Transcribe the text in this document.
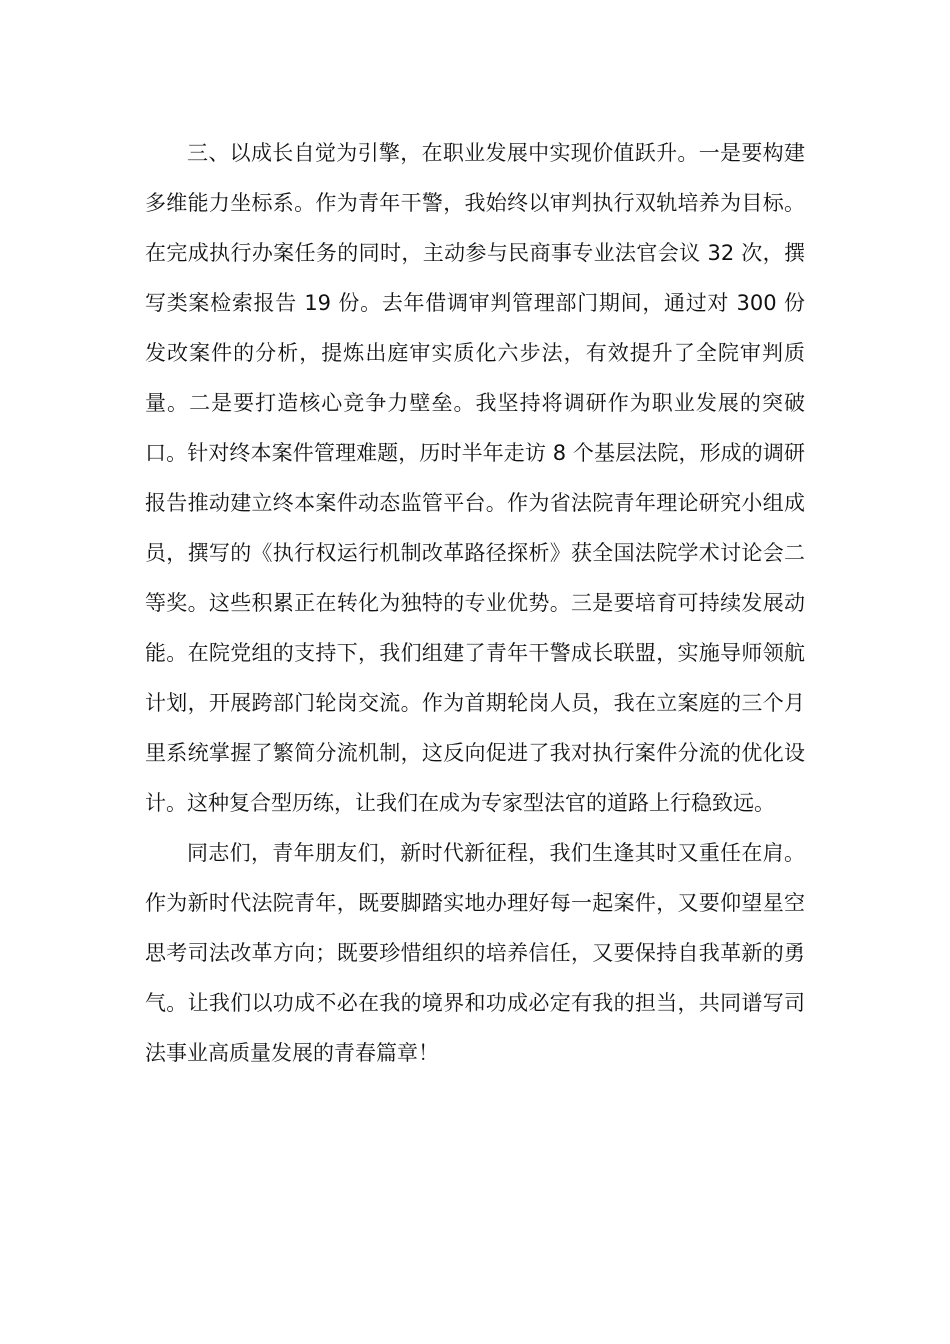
三、以成长自觉为引擎，在职业发展中实现价值跃升。一是要构建多维能力坐标系。作为青年干警，我始终以审判执行双轨培养为目标。在完成执行办案任务的同时，主动参与民商事专业法官会议 32 次，撰写类案检索报告 19 份。去年借调审判管理部门期间，通过对 300 份发改案件的分析，提炼出庭审实质化六步法，有效提升了全院审判质量。二是要打造核心竞争力壁垒。我坚持将调研作为职业发展的突破口。针对终本案件管理难题，历时半年走访 8 个基层法院，形成的调研报告推动建立终本案件动态监管平台。作为省法院青年理论研究小组成员，撰写的《执行权运行机制改革路径探析》获全国法院学术讨论会二等奖。这些积累正在转化为独特的专业优势。三是要培育可持续发展动能。在院党组的支持下，我们组建了青年干警成长联盟，实施导师领航计划，开展跨部门轮岗交流。作为首期轮岗人员，我在立案庭的三个月里系统掌握了繁简分流机制，这反向促进了我对执行案件分流的优化设计。这种复合型历练，让我们在成为专家型法官的道路上行稳致远。

同志们，青年朋友们，新时代新征程，我们生逢其时又重任在肩。作为新时代法院青年，既要脚踏实地办理好每一起案件，又要仰望星空思考司法改革方向；既要珍惜组织的培养信任，又要保持自我革新的勇气。让我们以功成不必在我的境界和功成必定有我的担当，共同谱写司法事业高质量发展的青春篇章！
